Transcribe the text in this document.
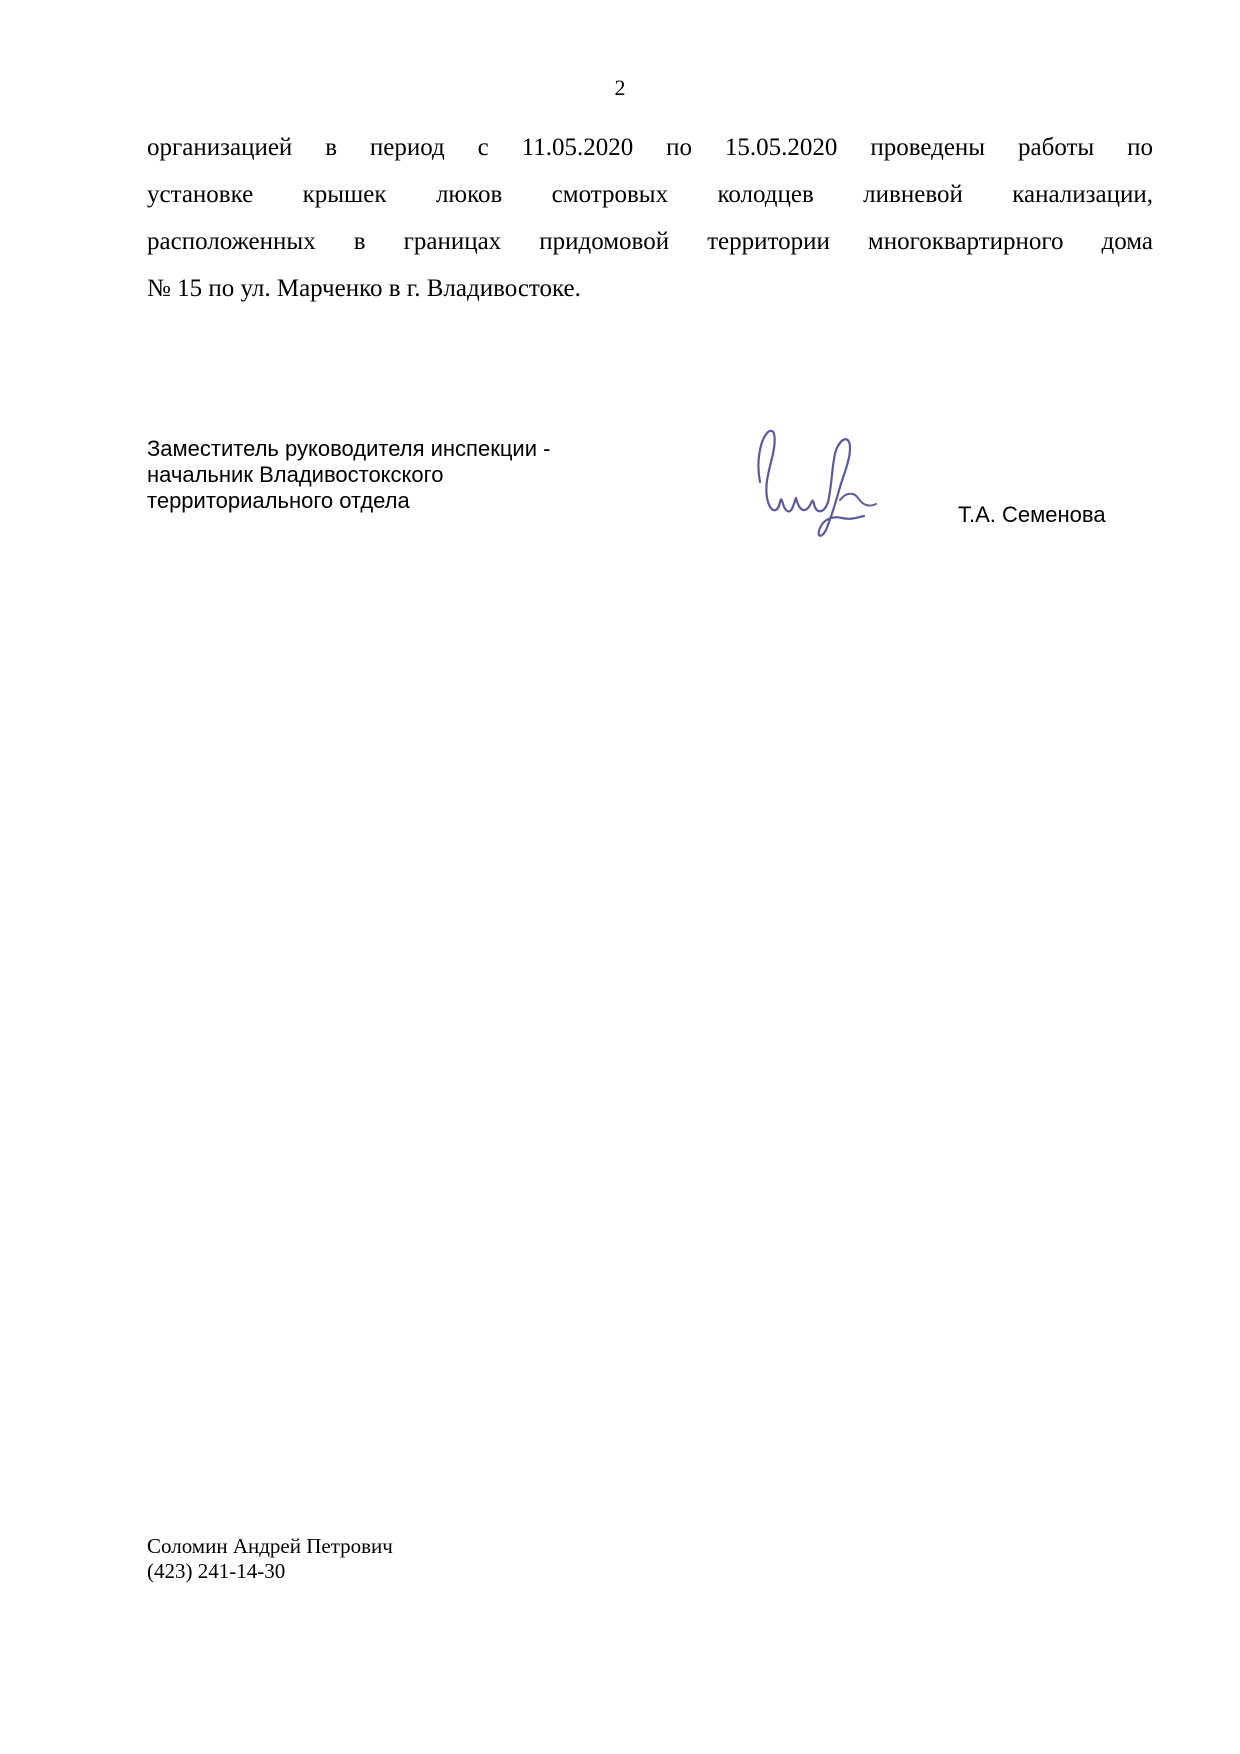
2
организацией в период с 11.05.2020 по 15.05.2020 проведены работы по
установке крышек люков смотровых колодцев ливневой канализации,
расположенных в границах придомовой территории многоквартирного дома
№ 15 по ул. Марченко в г. Владивостоке.
Заместитель руководителя инспекции -
начальник Владивостокского
территориального отдела
Т.А. Семенова
Соломин Андрей Петрович
(423) 241-14-30
